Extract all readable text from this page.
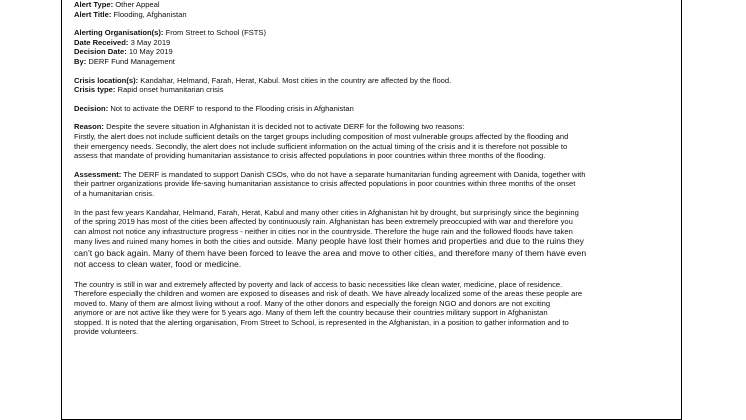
Alert Type: Other Appeal
Alert Title: Flooding, Afghanistan
Alerting Organisation(s): From Street to School (FSTS)
Date Received: 3 May 2019
Decision Date: 10 May 2019
By: DERF Fund Management
Crisis location(s): Kandahar, Helmand, Farah, Herat, Kabul. Most cities in the country are affected by the flood.
Crisis type: Rapid onset humanitarian crisis
Decision: Not to activate the DERF to respond to the Flooding crisis in Afghanistan
Reason: Despite the severe situation in Afghanistan it is decided not to activate DERF for the following two reasons:
Firstly, the alert does not include sufficient details on the target groups including composition of most vulnerable groups affected by the flooding and
their emergency needs. Secondly, the alert does not include sufficient information on the actual timing of the crisis and it is therefore not possible to
assess that mandate of providing humanitarian assistance to crisis affected populations in poor countries within three months of the flooding.
Assessment: The DERF is mandated to support Danish CSOs, who do not have a separate humanitarian funding agreement with Danida, together with
their partner organizations provide life-saving humanitarian assistance to crisis affected populations in poor countries within three months of the onset
of a humanitarian crisis.
In the past few years Kandahar, Helmand, Farah, Herat, Kabul and many other cities in Afghanistan hit by drought, but surprisingly since the beginning
of the spring 2019 has most of the cities been affected by continuously rain. Afghanistan has been extremely preoccupied with war and therefore you
can almost not notice any infrastructure progress - neither in cities nor in the countryside. Therefore the huge rain and the followed floods have taken
many lives and ruined many homes in both the cities and outside. Many people have lost their homes and properties and due to the ruins they
can’t go back again. Many of them have been forced to leave the area and move to other cities, and therefore many of them have even
not access to clean water, food or medicine.
The country is still in war and extremely affected by poverty and lack of access to basic necessities like clean water, medicine, place of residence.
Therefore especially the children and women are exposed to diseases and risk of death. We have already localized some of the areas these people are
moved to. Many of them are almost living without a roof. Many of the other donors and especially the foreign NGO and donors are not exciting
anymore or are not active like they were for 5 years ago. Many of them left the country because their countries military support in Afghanistan
stopped. It is noted that the alerting organisation, From Street to School, is represented in the Afghanistan, in a position to gather information and to
provide volunteers.
